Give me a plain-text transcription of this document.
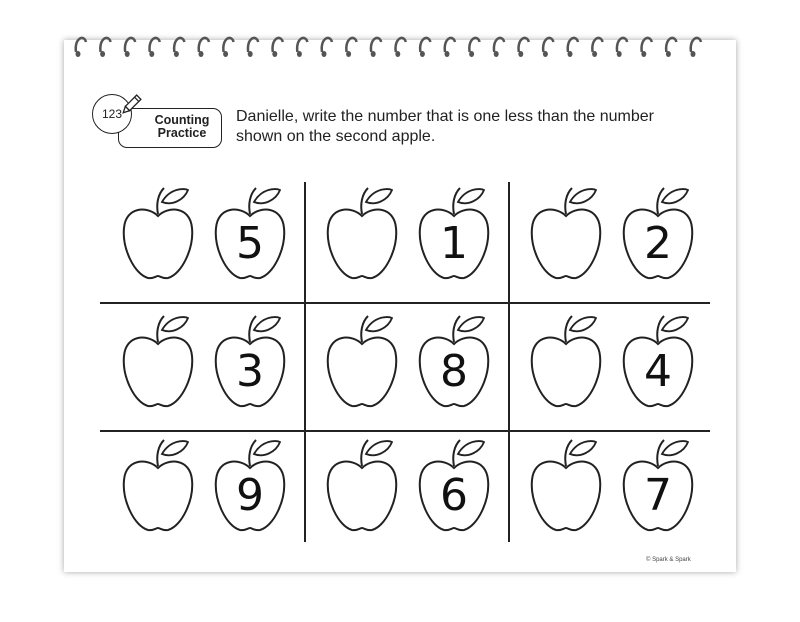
Counting
Practice
123	Danielle, write the number that is one less than the number
shown on the second apple.
5	1	2
3	8	4
9	6	7
© Spark & Spark
